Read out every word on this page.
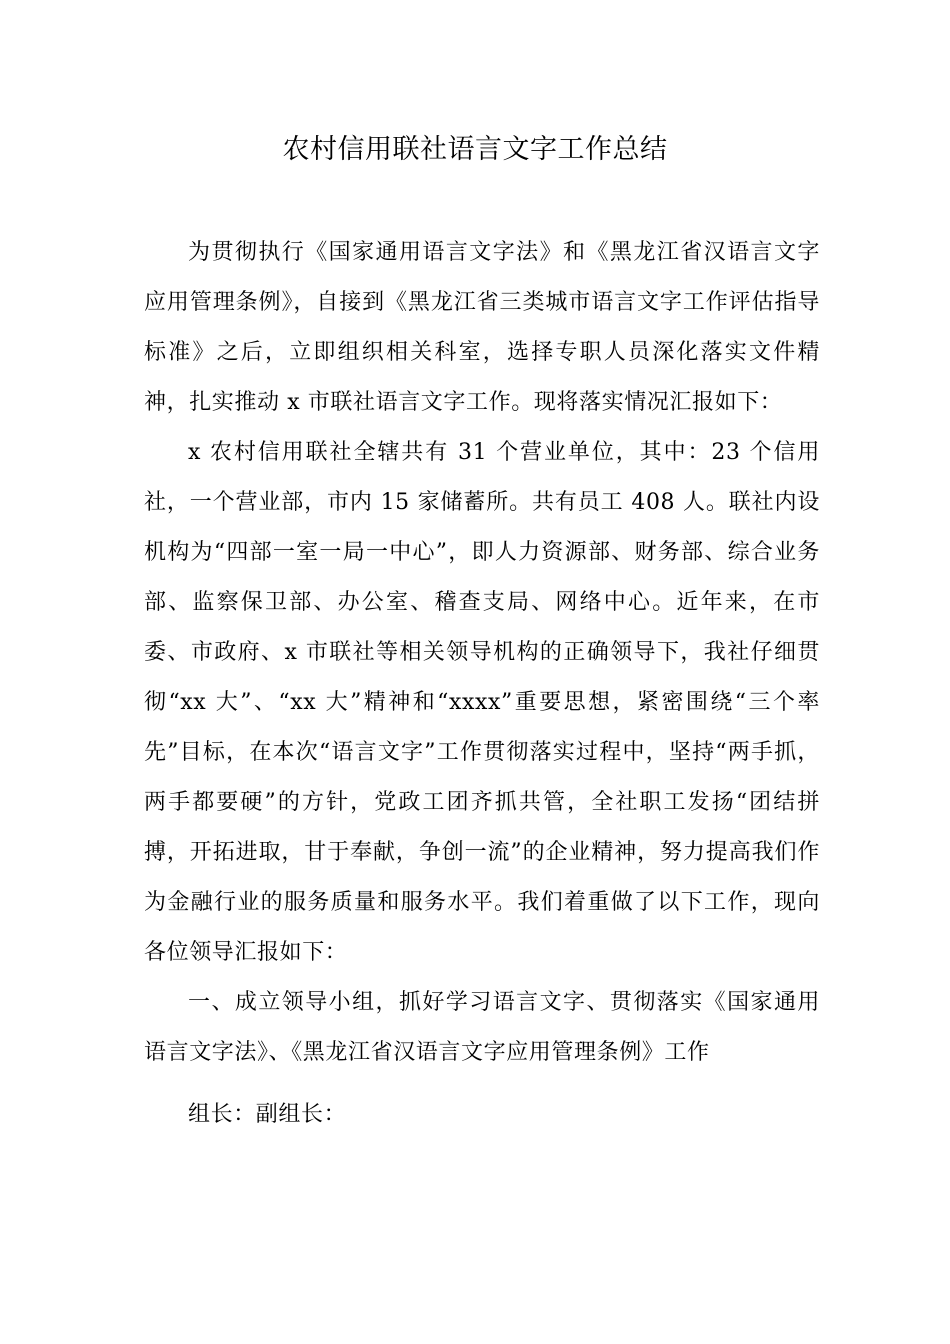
农村信用联社语言文字工作总结

为贯彻执行《国家通用语言文字法》和《黑龙江省汉语言文字应用管理条例》，自接到《黑龙江省三类城市语言文字工作评估指导标准》之后，立即组织相关科室，选择专职人员深化落实文件精神，扎实推动 x 市联社语言文字工作。现将落实情况汇报如下：

x 农村信用联社全辖共有 31 个营业单位，其中：23 个信用社，一个营业部，市内 15 家储蓄所。共有员工 408 人。联社内设机构为“四部一室一局一中心”，即人力资源部、财务部、综合业务部、监察保卫部、办公室、稽查支局、网络中心。近年来，在市委、市政府、x 市联社等相关领导机构的正确领导下，我社仔细贯彻“xx 大”、“xx 大”精神和“xxxx”重要思想，紧密围绕“三个率先”目标，在本次“语言文字”工作贯彻落实过程中，坚持“两手抓，两手都要硬”的方针，党政工团齐抓共管，全社职工发扬“团结拼搏，开拓进取，甘于奉献，争创一流”的企业精神，努力提高我们作为金融行业的服务质量和服务水平。我们着重做了以下工作，现向各位领导汇报如下：

一、成立领导小组，抓好学习语言文字、贯彻落实《国家通用语言文字法》、《黑龙江省汉语言文字应用管理条例》工作

组长：副组长：
